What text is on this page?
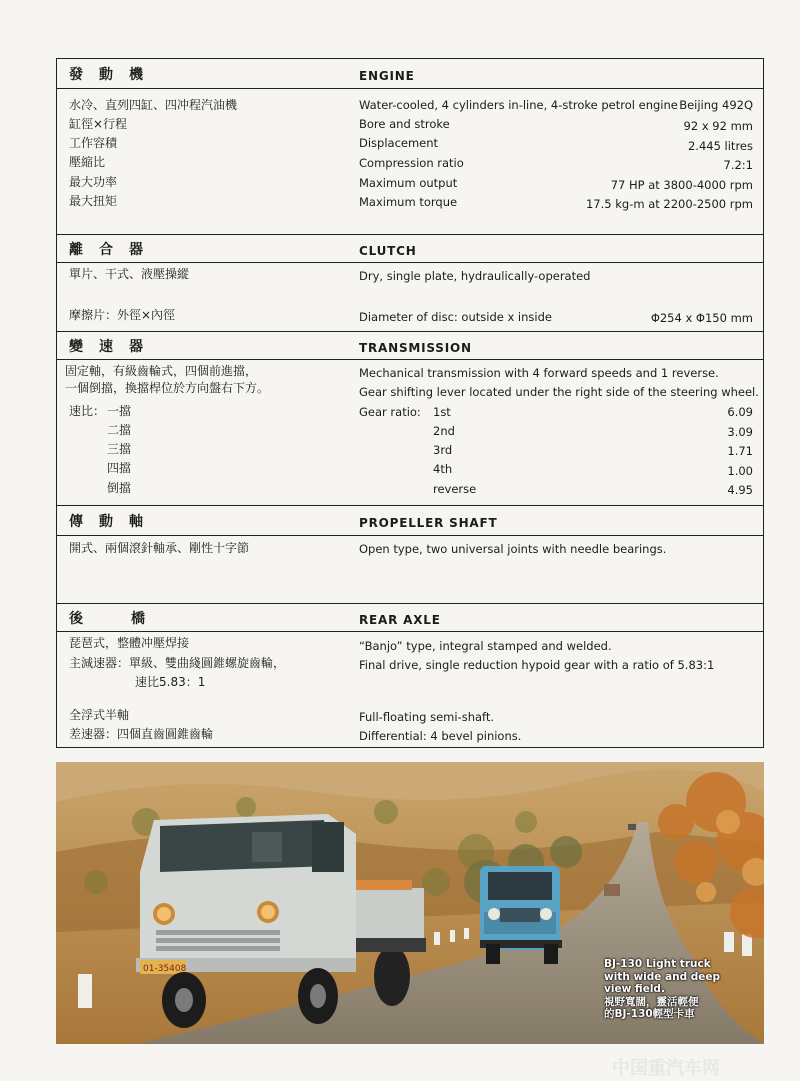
發動機	ENGINE
水冷、直列四缸、四冲程汽油機	Water-cooled, 4 cylinders in-line, 4-stroke petrol engine Beijing 492Q
缸徑×行程	Bore and stroke	92 x 92 mm
工作容積	Displacement	2.445 litres
壓縮比	Compression ratio	7.2:1
最大功率	Maximum output	77 HP at 3800-4000 rpm
最大扭矩	Maximum torque	17.5 kg-m at 2200-2500 rpm
離合器	CLUTCH
單片、干式、液壓操縱	Dry, single plate, hydraulically-operated
摩擦片：外徑×內徑	Diameter of disc: outside x inside	Φ254 x Φ150 mm
變速器	TRANSMISSION
固定軸，有級齒輪式，四個前進擋，
一個倒擋，換擋桿位於方向盤右下方。
Mechanical transmission with 4 forward speeds and 1 reverse.
Gear shifting lever located under the right side of the steering wheel.
速比：	Gear ratio:
一擋	1st	6.09
二擋	2nd	3.09
三擋	3rd	1.71
四擋	4th	1.00
倒擋	reverse	4.95
傳動軸	PROPELLER SHAFT
開式、兩個滾針軸承、剛性十字節	Open type, two universal joints with needle bearings.
後橋	REAR AXLE
琵琶式，整體冲壓焊接	“Banjo” type, integral stamped and welded.
主減速器：單級、雙曲綫圓錐螺旋齒輪，
速比5.83：1
Final drive, single reduction hypoid gear with a ratio of 5.83:1
全浮式半軸	Full-floating semi-shaft.
差速器：四個直齒圓錐齒輪	Differential: 4 bevel pinions.
01-35408	BJ-130 Light truck
with wide and deep
view field.
視野寬闊，靈活輕便
的BJ-130輕型卡車
中国重汽车网
